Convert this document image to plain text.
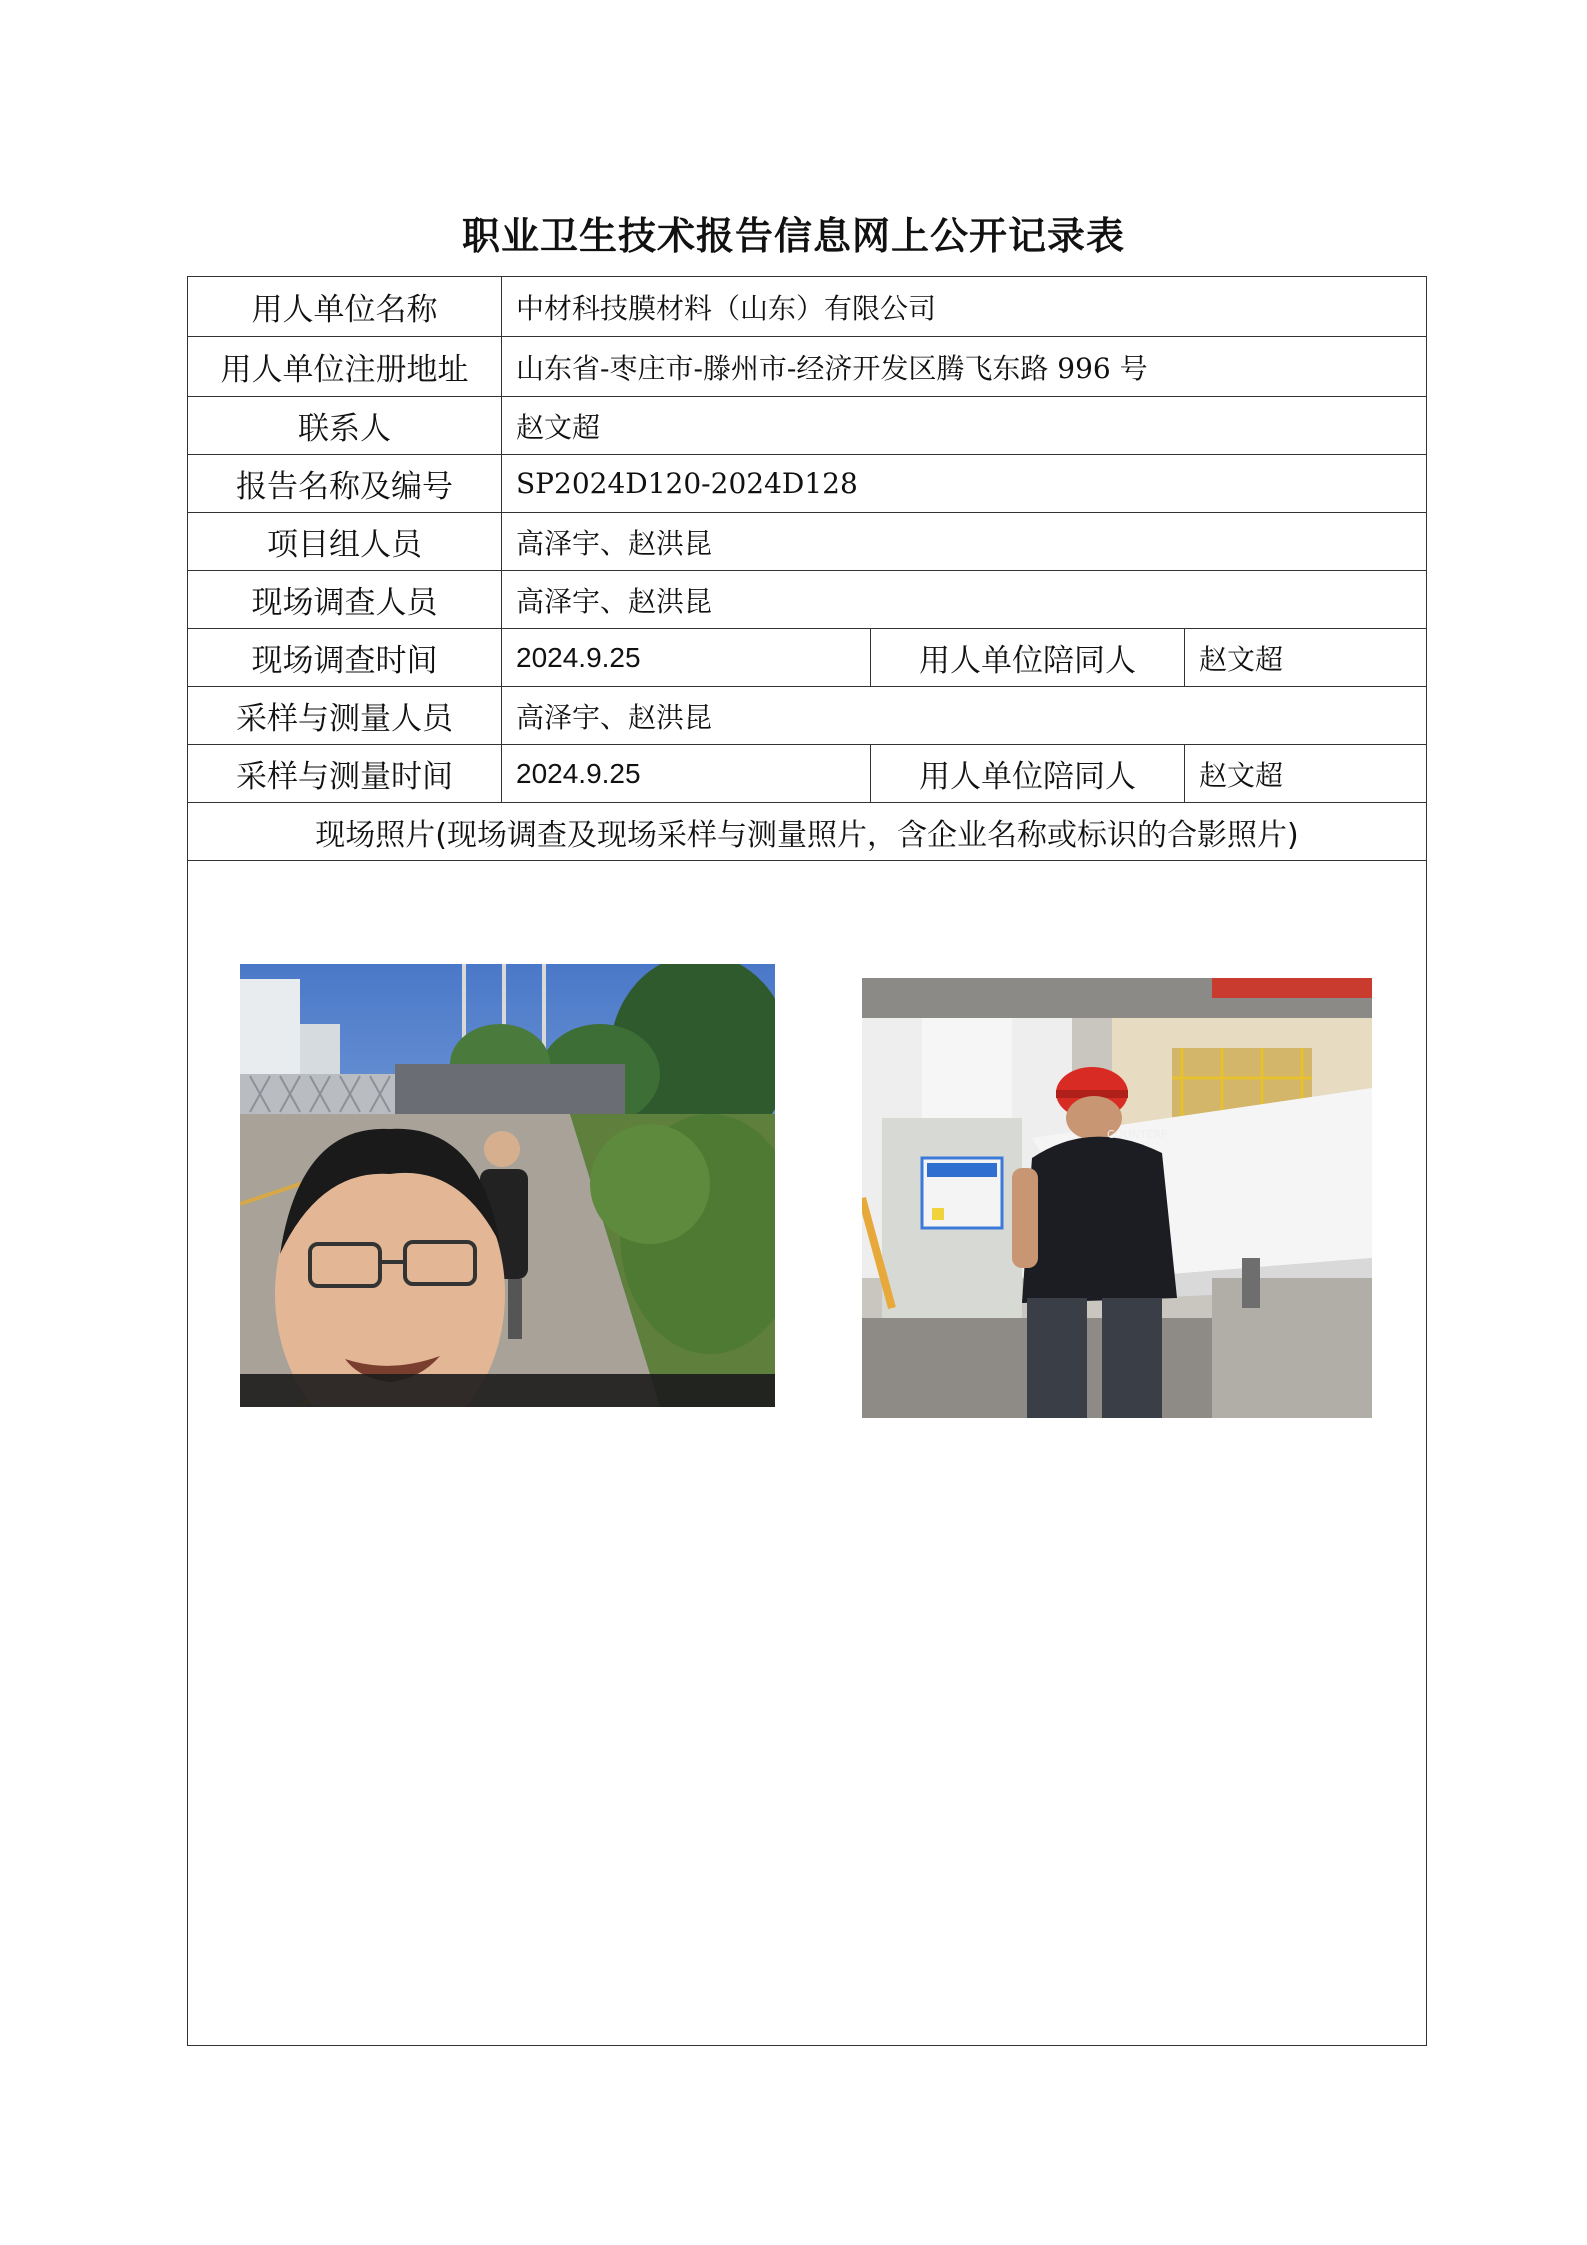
职业卫生技术报告信息网上公开记录表
用人单位名称	中材科技膜材料（山东）有限公司
用人单位注册地址	山东省-枣庄市-滕州市-经济开发区腾飞东路 996 号
联系人	赵文超
报告名称及编号	SP2024D120-2024D128
项目组人员	高泽宇、赵洪昆
现场调查人员	高泽宇、赵洪昆
现场调查时间	2024.9.25	用人单位陪同人	赵文超
采样与测量人员	高泽宇、赵洪昆
采样与测量时间	2024.9.25	用人单位陪同人	赵文超
现场照片(现场调查及现场采样与测量照片，含企业名称或标识的合影照片)
COUNTERP
